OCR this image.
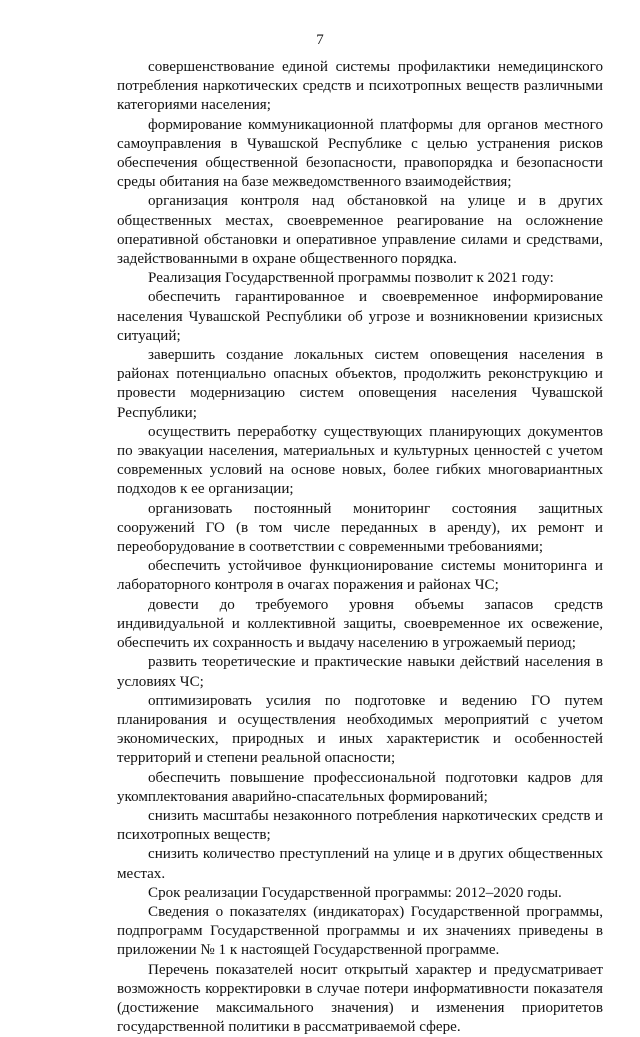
7

совершенствование единой системы профилактики немедицинского потребления наркотических средств и психотропных веществ различными категориями населения;

формирование коммуникационной платформы для органов местного самоуправления в Чувашской Республике с целью устранения рисков обеспечения общественной безопасности, правопорядка и безопасности среды обитания на базе межведомственного взаимодействия;

организация контроля над обстановкой на улице и в других общественных местах, своевременное реагирование на осложнение оперативной обстановки и оперативное управление силами и средствами, задействованными в охране общественного порядка.

Реализация Государственной программы позволит к 2021 году:

обеспечить гарантированное и своевременное информирование населения Чувашской Республики об угрозе и возникновении кризисных ситуаций;

завершить создание локальных систем оповещения населения в районах потенциально опасных объектов, продолжить реконструкцию и провести модернизацию систем оповещения населения Чувашской Республики;

осуществить переработку существующих планирующих документов по эвакуации населения, материальных и культурных ценностей с учетом современных условий на основе новых, более гибких многовариантных подходов к ее организации;

организовать постоянный мониторинг состояния защитных сооружений ГО (в том числе переданных в аренду), их ремонт и переоборудование в соответствии с современными требованиями;

обеспечить устойчивое функционирование системы мониторинга и лабораторного контроля в очагах поражения и районах ЧС;

довести до требуемого уровня объемы запасов средств индивидуальной и коллективной защиты, своевременное их освежение, обеспечить их сохранность и выдачу населению в угрожаемый период;

развить теоретические и практические навыки действий населения в условиях ЧС;

оптимизировать усилия по подготовке и ведению ГО путем планирования и осуществления необходимых мероприятий с учетом экономических, природных и иных характеристик и особенностей территорий и степени реальной опасности;

обеспечить повышение профессиональной подготовки кадров для укомплектования аварийно-спасательных формирований;

снизить масштабы незаконного потребления наркотических средств и психотропных веществ;

снизить количество преступлений на улице и в других общественных местах.

Срок реализации Государственной программы: 2012–2020 годы.

Сведения о показателях (индикаторах) Государственной программы, подпрограмм Государственной программы и их значениях приведены в приложении № 1 к настоящей Государственной программе.

Перечень показателей носит открытый характер и предусматривает возможность корректировки в случае потери информативности показателя (достижение максимального значения) и изменения приоритетов государственной политики в рассматриваемой сфере.
